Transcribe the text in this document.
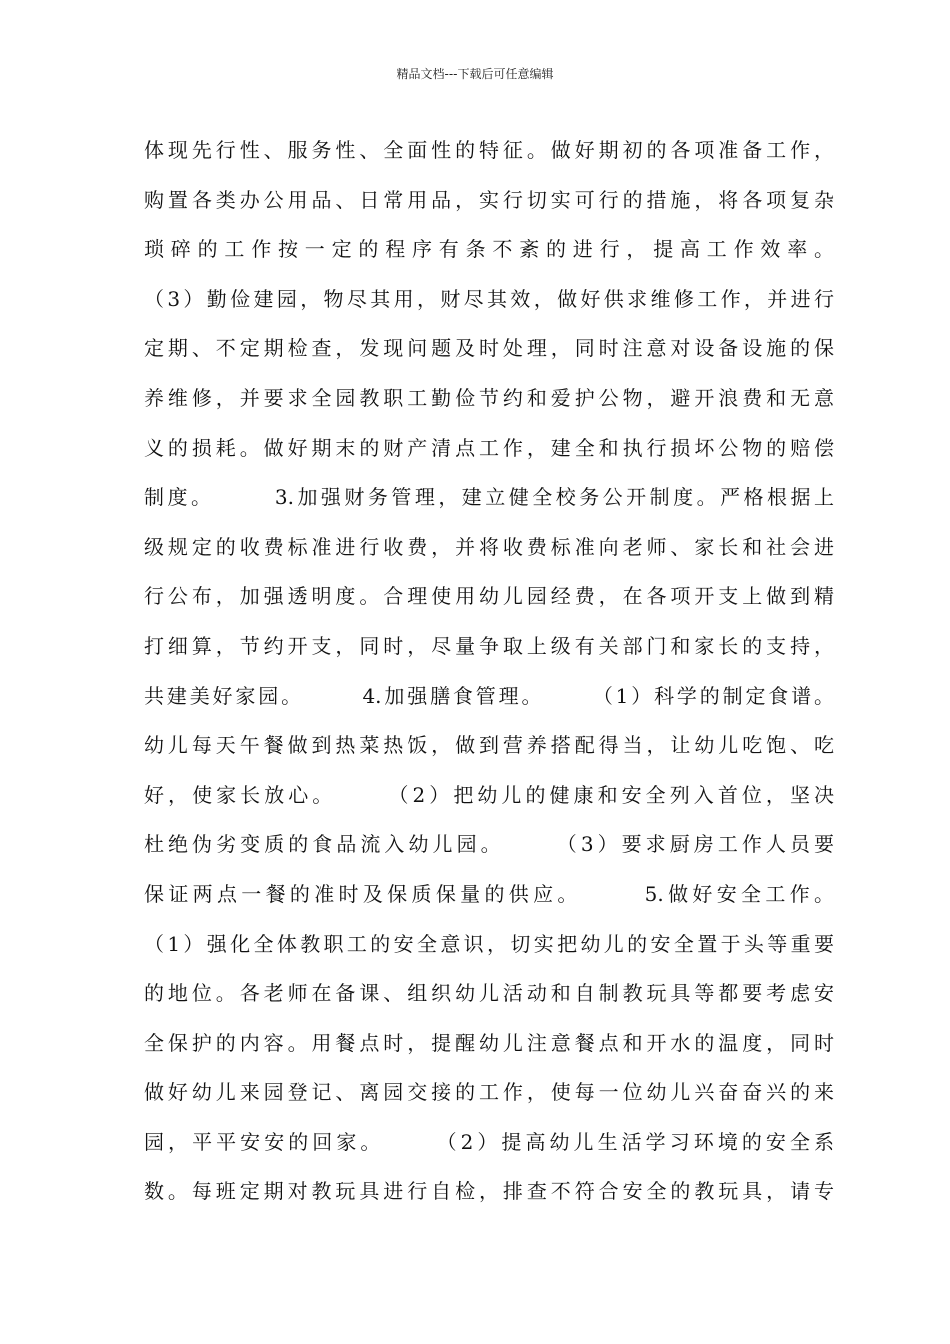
精品文档---下载后可任意编辑
体现先行性、服务性、全面性的特征。做好期初的各项准备工作，
购置各类办公用品、日常用品，实行切实可行的措施，将各项复杂
琐碎的工作按一定的程序有条不紊的进行，提高工作效率。
（3）勤俭建园，物尽其用，财尽其效，做好供求维修工作，并进行
定期、不定期检查，发现问题及时处理，同时注意对设备设施的保
养维修，并要求全园教职工勤俭节约和爱护公物，避开浪费和无意
义的损耗。做好期末的财产清点工作，建全和执行损坏公物的赔偿
制度。　　　3.加强财务管理，建立健全校务公开制度。严格根据上
级规定的收费标准进行收费，并将收费标准向老师、家长和社会进
行公布，加强透明度。合理使用幼儿园经费，在各项开支上做到精
打细算，节约开支，同时，尽量争取上级有关部门和家长的支持，
共建美好家园。　　　4.加强膳食管理。　　　（1）科学的制定食谱。
幼儿每天午餐做到热菜热饭，做到营养搭配得当，让幼儿吃饱、吃
好，使家长放心。　　　（2）把幼儿的健康和安全列入首位，坚决
杜绝伪劣变质的食品流入幼儿园。　　　（3）要求厨房工作人员要
保证两点一餐的准时及保质保量的供应。　　　5.做好安全工作。
（1）强化全体教职工的安全意识，切实把幼儿的安全置于头等重要
的地位。各老师在备课、组织幼儿活动和自制教玩具等都要考虑安
全保护的内容。用餐点时，提醒幼儿注意餐点和开水的温度，同时
做好幼儿来园登记、离园交接的工作，使每一位幼儿兴奋奋兴的来
园，平平安安的回家。　　　（2）提高幼儿生活学习环境的安全系
数。每班定期对教玩具进行自检，排查不符合安全的教玩具，请专
